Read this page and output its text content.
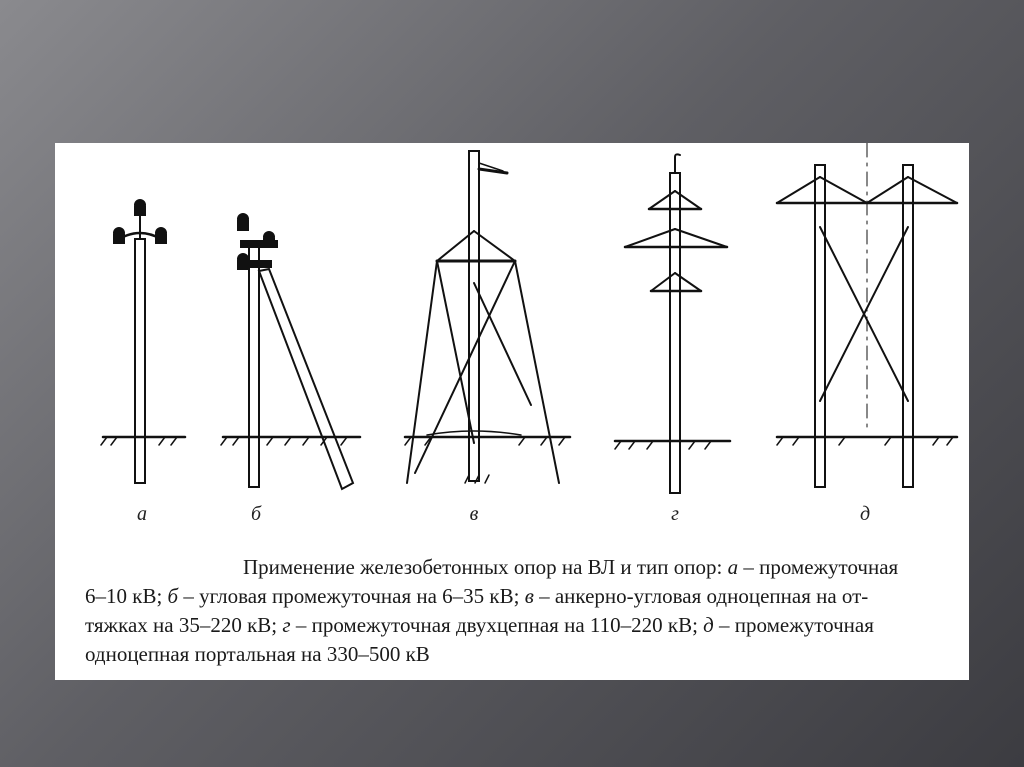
а	б	в	г	д
Применение железобетонных опор на ВЛ и тип опор: а – промежуточная
6–10 кВ; б – угловая промежуточная на 6–35 кВ; в – анкерно-угловая одноцепная на от-
тяжках на 35–220 кВ; г – промежуточная двухцепная на 110–220 кВ; д – промежуточная
одноцепная портальная на 330–500 кВ
